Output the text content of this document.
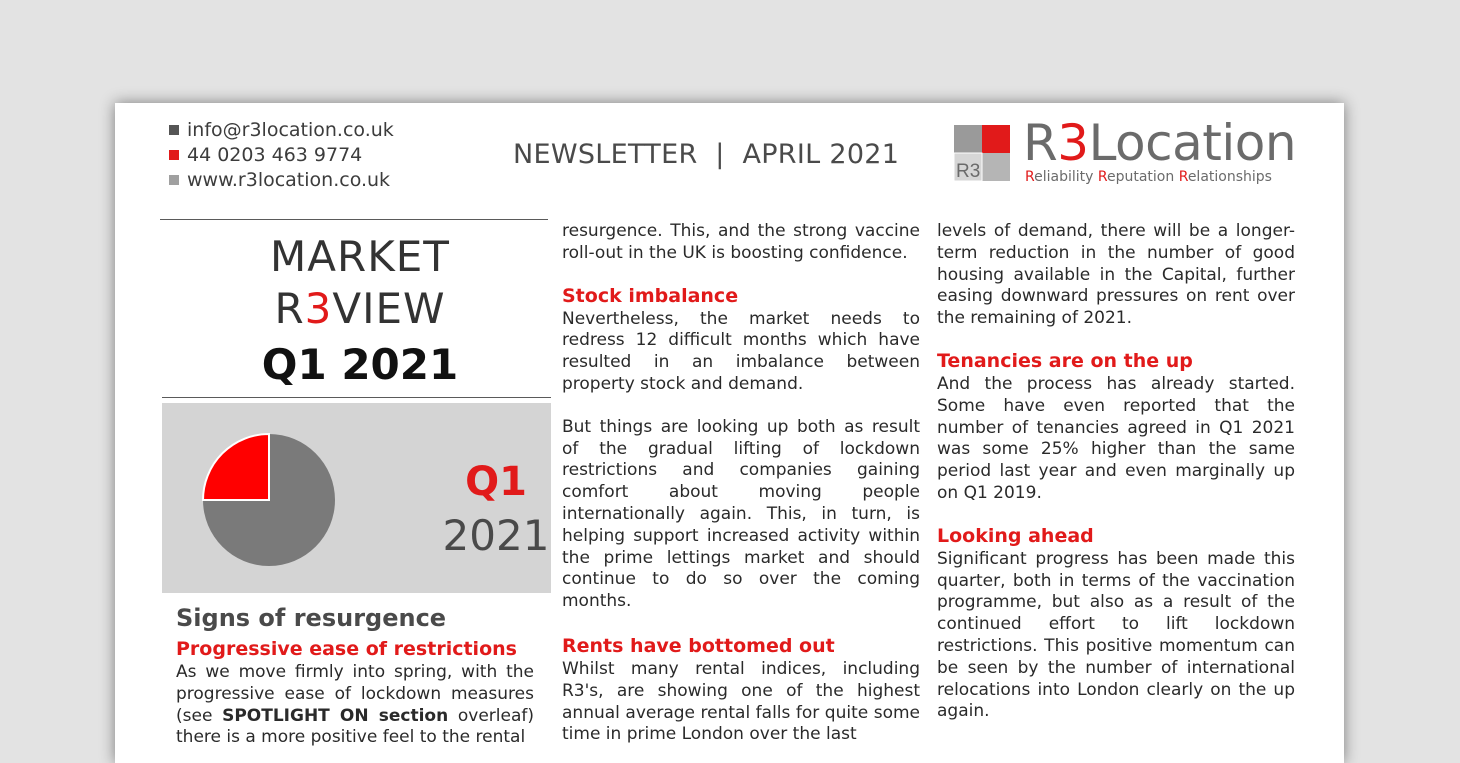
info@r3location.co.uk
44 0203 463 9774
www.r3location.co.uk
NEWSLETTER  |  APRIL 2021
R3 R3Location
Reliability Reputation Relationships
MARKET
R3VIEW
Q1 2021
Q1
2021

Signs of resurgence

Progressive ease of restrictions

As we move firmly into spring, with the progressive ease of lockdown measures (see SPOTLIGHT ON section overleaf) there is a more positive feel to the rental

resurgence. This, and the strong vaccine roll-out in the UK is boosting confidence.

Stock imbalance

Nevertheless, the market needs to redress 12 difficult months which have resulted in an imbalance between property stock and demand.

But things are looking up both as result of the gradual lifting of lockdown restrictions and companies gaining comfort about moving people internationally again. This, in turn, is helping support increased activity within the prime lettings market and should continue to do so over the coming months.

Rents have bottomed out

Whilst many rental indices, including R3's, are showing one of the highest annual average rental falls for quite some time in prime London over the last

levels of demand, there will be a longer-term reduction in the number of good housing available in the Capital, further easing downward pressures on rent over the remaining of 2021.

Tenancies are on the up

And the process has already started. Some have even reported that the number of tenancies agreed in Q1 2021 was some 25% higher than the same period last year and even marginally up on Q1 2019.

Looking ahead

Significant progress has been made this quarter, both in terms of the vaccination programme, but also as a result of the continued effort to lift lockdown restrictions. This positive momentum can be seen by the number of international relocations into London clearly on the up again.
